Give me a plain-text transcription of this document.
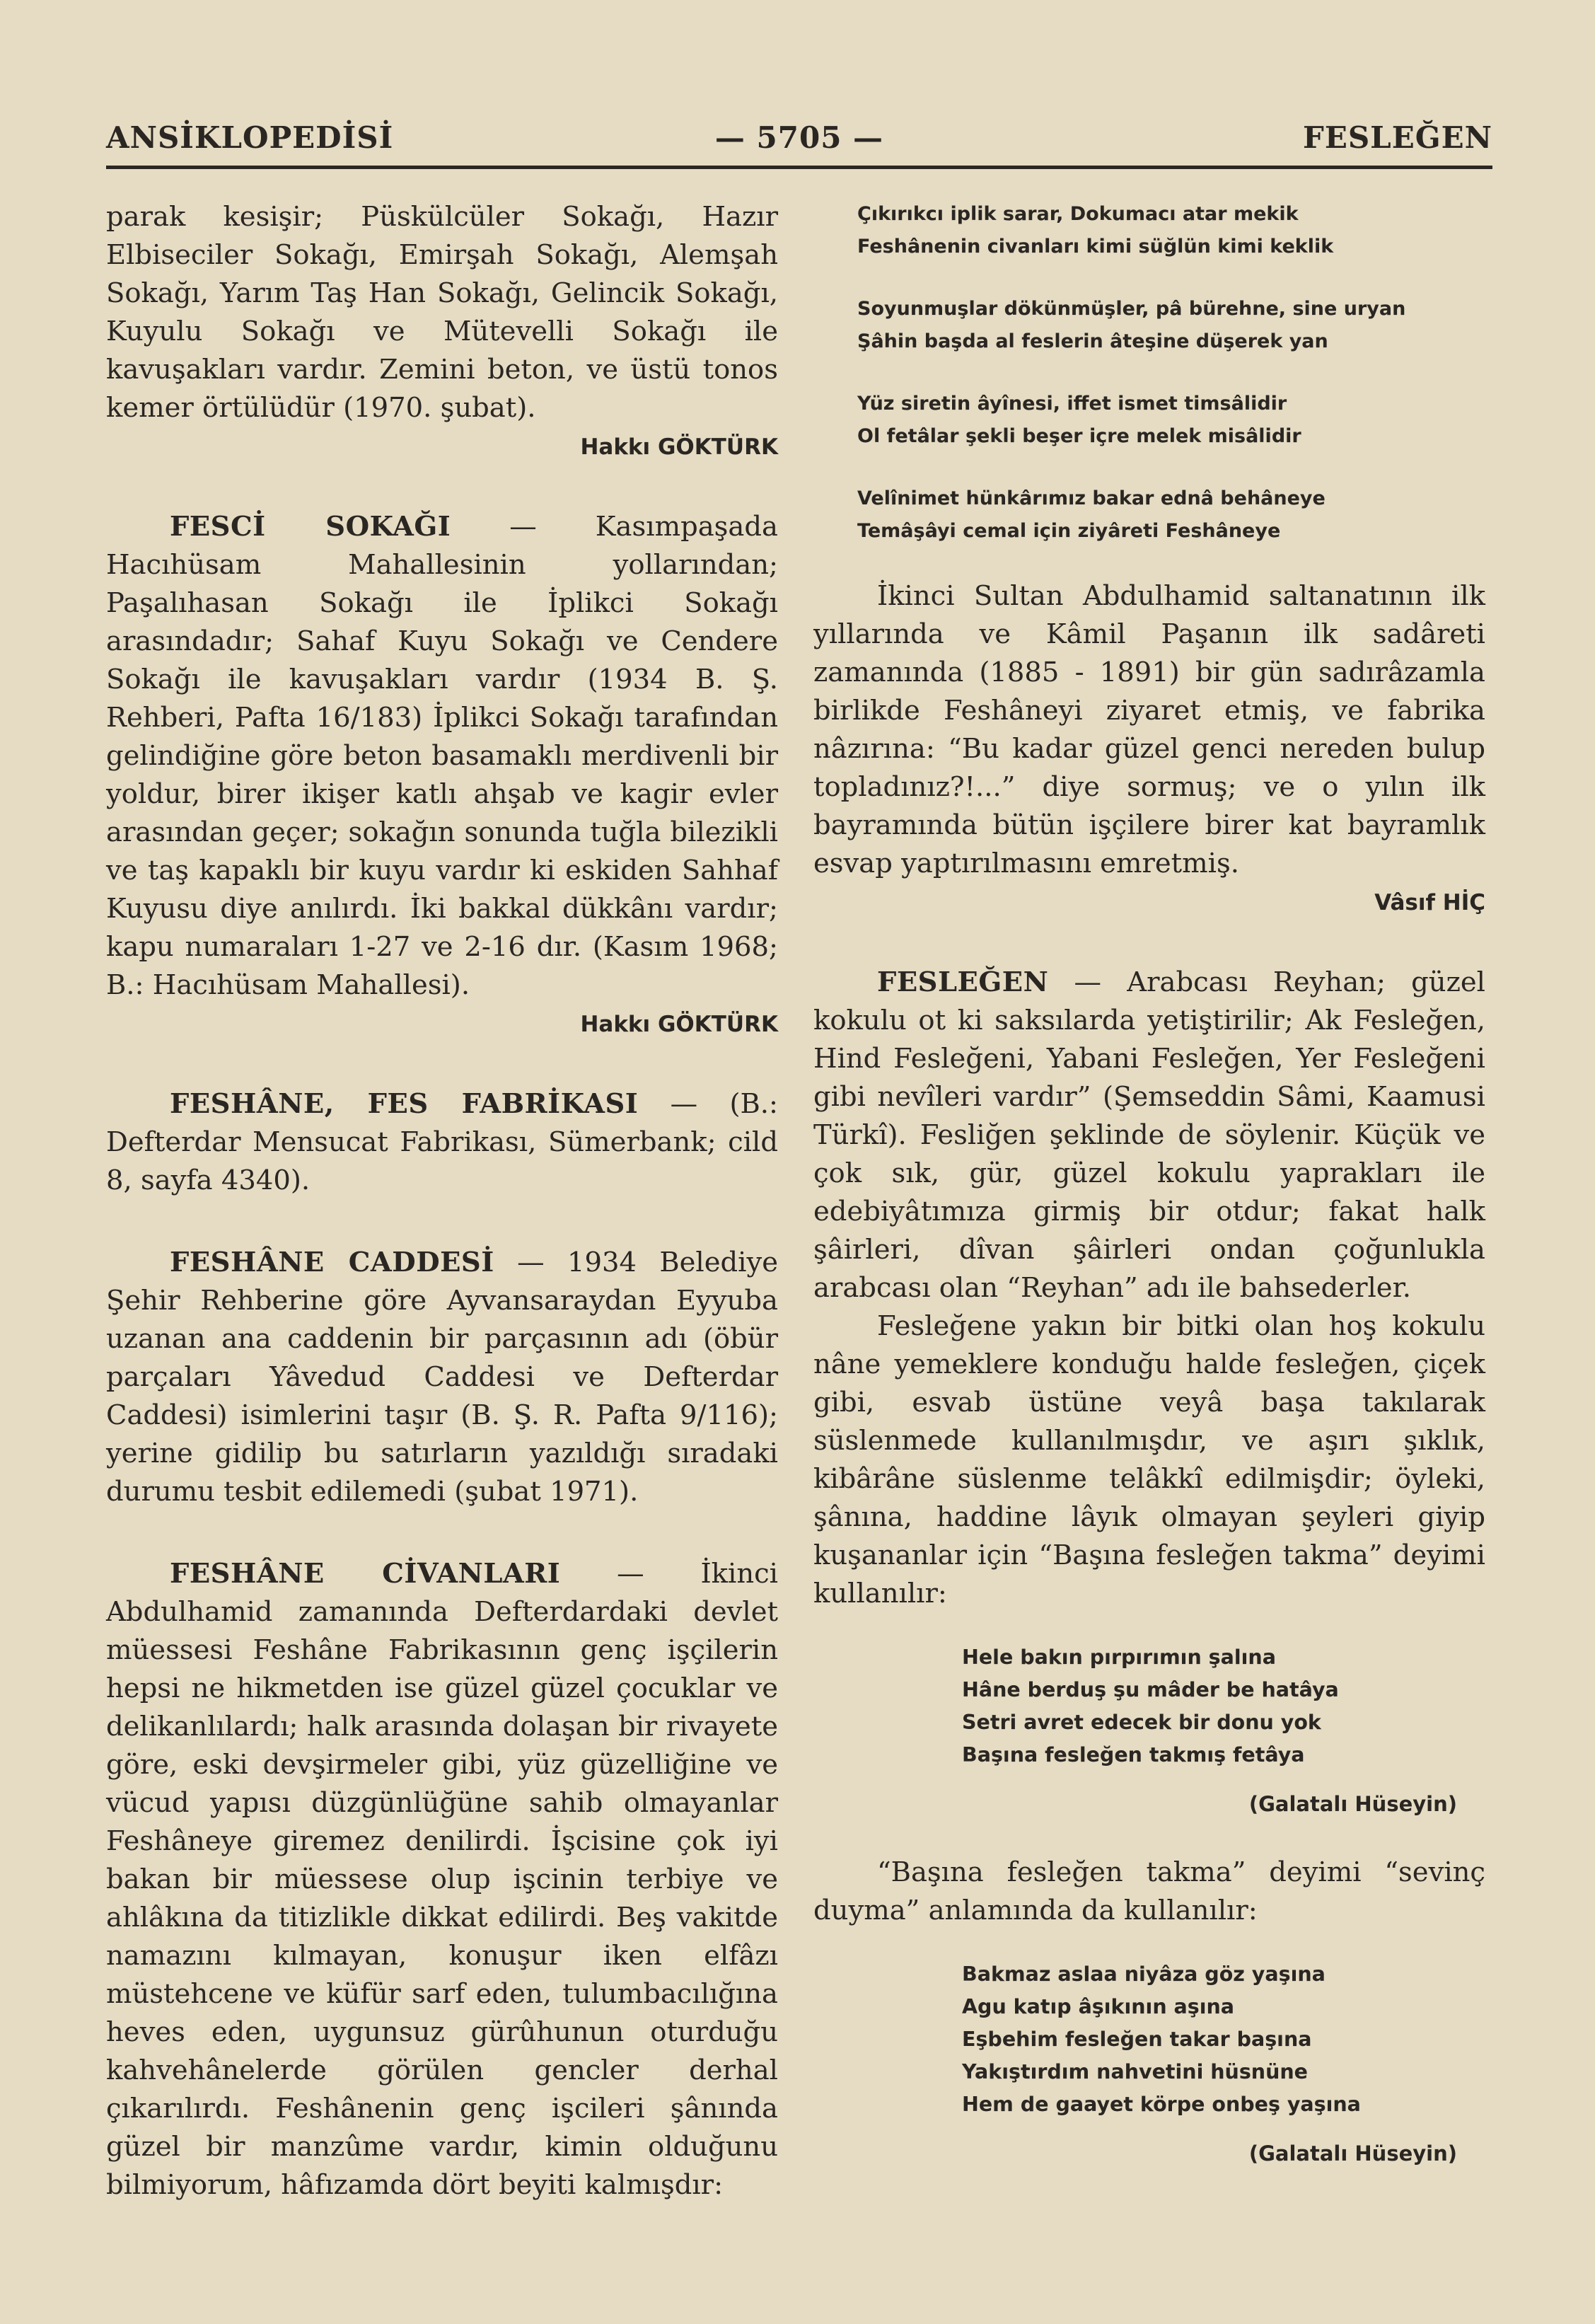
ANSİKLOPEDİSİ	— 5705 —	FESLEĞEN

parak kesişir; Püskülcüler Sokağı, Hazır Elbiseciler Sokağı, Emirşah Sokağı, Alemşah Sokağı, Yarım Taş Han Sokağı, Gelincik Sokağı, Kuyulu Sokağı ve Mütevelli Sokağı ile kavuşakları vardır. Zemini beton, ve üstü tonos kemer örtülüdür (1970. şubat).

Hakkı GÖKTÜRK

FESCİ SOKAĞI — Kasımpaşada Hacıhüsam Mahallesinin yollarından; Paşalıhasan Sokağı ile İplikci Sokağı arasındadır; Sahaf Kuyu Sokağı ve Cendere Sokağı ile kavuşakları vardır (1934 B. Ş. Rehberi, Pafta 16/183) İplikci Sokağı tarafından gelindiğine göre beton basamaklı merdivenli bir yoldur, birer ikişer katlı ahşab ve kagir evler arasından geçer; sokağın sonunda tuğla bilezikli ve taş kapaklı bir kuyu vardır ki eskiden Sahhaf Kuyusu diye anılırdı. İki bakkal dükkânı vardır; kapu numaraları 1-27 ve 2-16 dır. (Kasım 1968; B.: Hacıhüsam Mahallesi).

Hakkı GÖKTÜRK

FESHÂNE, FES FABRİKASI — (B.: Defterdar Mensucat Fabrikası, Sümerbank; cild 8, sayfa 4340).

FESHÂNE CADDESİ — 1934 Belediye Şehir Rehberine göre Ayvansaraydan Eyyuba uzanan ana caddenin bir parçasının adı (öbür parçaları Yâvedud Caddesi ve Defterdar Caddesi) isimlerini taşır (B. Ş. R. Pafta 9/116); yerine gidilip bu satırların yazıldığı sıradaki durumu tesbit edilemedi (şubat 1971).

FESHÂNE CİVANLARI — İkinci Abdulhamid zamanında Defterdardaki devlet müessesi Feshâne Fabrikasının genç işçilerin hepsi ne hikmetden ise güzel güzel çocuklar ve delikanlılardı; halk arasında dolaşan bir rivayete göre, eski devşirmeler gibi, yüz güzelliğine ve vücud yapısı düzgünlüğüne sahib olmayanlar Feshâneye giremez denilirdi. İşcisine çok iyi bakan bir müessese olup işcinin terbiye ve ahlâkına da titizlikle dikkat edilirdi. Beş vakitde namazını kılmayan, konuşur iken elfâzı müstehcene ve küfür sarf eden, tulumbacılığına heves eden, uygunsuz gürûhunun oturduğu kahvehânelerde görülen gencler derhal çıkarılırdı. Feshânenin genç işcileri şânında güzel bir manzûme vardır, kimin olduğunu bilmiyorum, hâfızamda dört beyiti kalmışdır:

Çıkırıkcı iplik sarar, Dokumacı atar mekik
Feshânenin civanları kimi süğlün kimi keklik
Soyunmuşlar dökünmüşler, pâ bürehne, sine uryan
Şâhin başda al feslerin âteşine düşerek yan
Yüz siretin âyînesi, iffet ismet timsâlidir
Ol fetâlar şekli beşer içre melek misâlidir
Velînimet hünkârımız bakar ednâ behâneye
Temâşâyi cemal için ziyâreti Feshâneye

İkinci Sultan Abdulhamid saltanatının ilk yıllarında ve Kâmil Paşanın ilk sadâreti zamanında (1885 - 1891) bir gün sadırâzamla birlikde Feshâneyi ziyaret etmiş, ve fabrika nâzırına: “Bu kadar güzel genci nereden bulup topladınız?!...” diye sormuş; ve o yılın ilk bayramında bütün işçilere birer kat bayramlık esvap yaptırılmasını emretmiş.

Vâsıf HİÇ

FESLEĞEN — Arabcası Reyhan; güzel kokulu ot ki saksılarda yetiştirilir; Ak Fesleğen, Hind Fesleğeni, Yabani Fesleğen, Yer Fesleğeni gibi nevîleri vardır” (Şemseddin Sâmi, Kaamusi Türkî). Fesliğen şeklinde de söylenir. Küçük ve çok sık, gür, güzel kokulu yaprakları ile edebiyâtımıza girmiş bir otdur; fakat halk şâirleri, dîvan şâirleri ondan çoğunlukla arabcası olan “Reyhan” adı ile bahsederler.

Fesleğene yakın bir bitki olan hoş kokulu nâne yemeklere konduğu halde fesleğen, çiçek gibi, esvab üstüne veyâ başa takılarak süslenmede kullanılmışdır, ve aşırı şıklık, kibârâne süslenme telâkkî edilmişdir; öyleki, şânına, haddine lâyık olmayan şeyleri giyip kuşananlar için “Başına fesleğen takma” deyimi kullanılır:

Hele bakın pırpırımın şalına
Hâne berduş şu mâder be hatâya
Setri avret edecek bir donu yok
Başına fesleğen takmış fetâya

(Galatalı Hüseyin)

“Başına fesleğen takma” deyimi “sevinç duyma” anlamında da kullanılır:

Bakmaz aslaa niyâza göz yaşına
Agu katıp âşıkının aşına
Eşbehim fesleğen takar başına
Yakıştırdım nahvetini hüsnüne
Hem de gaayet körpe onbeş yaşına

(Galatalı Hüseyin)
